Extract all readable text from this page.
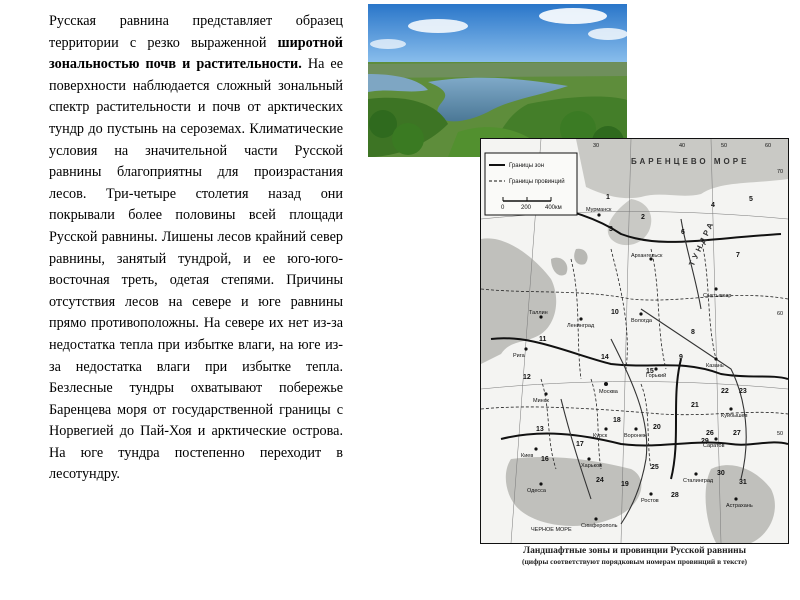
Русская равнина представляет образец территории с резко выраженной широтной зональностью почв и растительности. На ее поверхности наблюдается сложный зональный спектр растительности и почв от арктических тундр до пустынь на сероземах. Климатические условия на значительной части Русской равнины благоприятны для произрастания лесов. Три-четыре столетия назад они покрывали более половины всей площади Русской равнины. Лишены лесов крайний север равнины, занятый тундрой, и ее юго-юго-восточная треть, одетая степями. Причины отсутствия лесов на севере и юге равнины прямо противоположны. На севере их нет из-за недостатка тепла при избытке влаги, на юге из-за недостатка влаги при избытке тепла. Безлесные тундры охватывают побережье Баренцева моря от государственной границы с Норвегией до Пай-Хоя и арктические острова. На юге тундра постепенно переходит в лесотундру.
Границы зон
Границы провинций
0	200 400км
БАРЕНЦЕВО МОРЕ
ЧЕРНОЕ МОРЕ
ТУНДРА
30	40	50	60
70
60
50
Мурманск
Архангельск
Москва
Курск
Харьков
Киев
Таллин
Рига
Минск
Куйбышев
Саратов
Сталинград
Ростов
Одесса
Горький
Казань
Воронеж
Ленинград
Сыктывкар
Вологда
Астрахань
Симферополь
1
2
3
4
5
6
7
8
9
10
11
12
13
14
15
16
17
18
19
20
21
22 23
24
25
26	27
28
29
30
31
Ландшафтные зоны и провинции Русской равнины
(цифры соответствуют порядковым номерам провинций в тексте)
